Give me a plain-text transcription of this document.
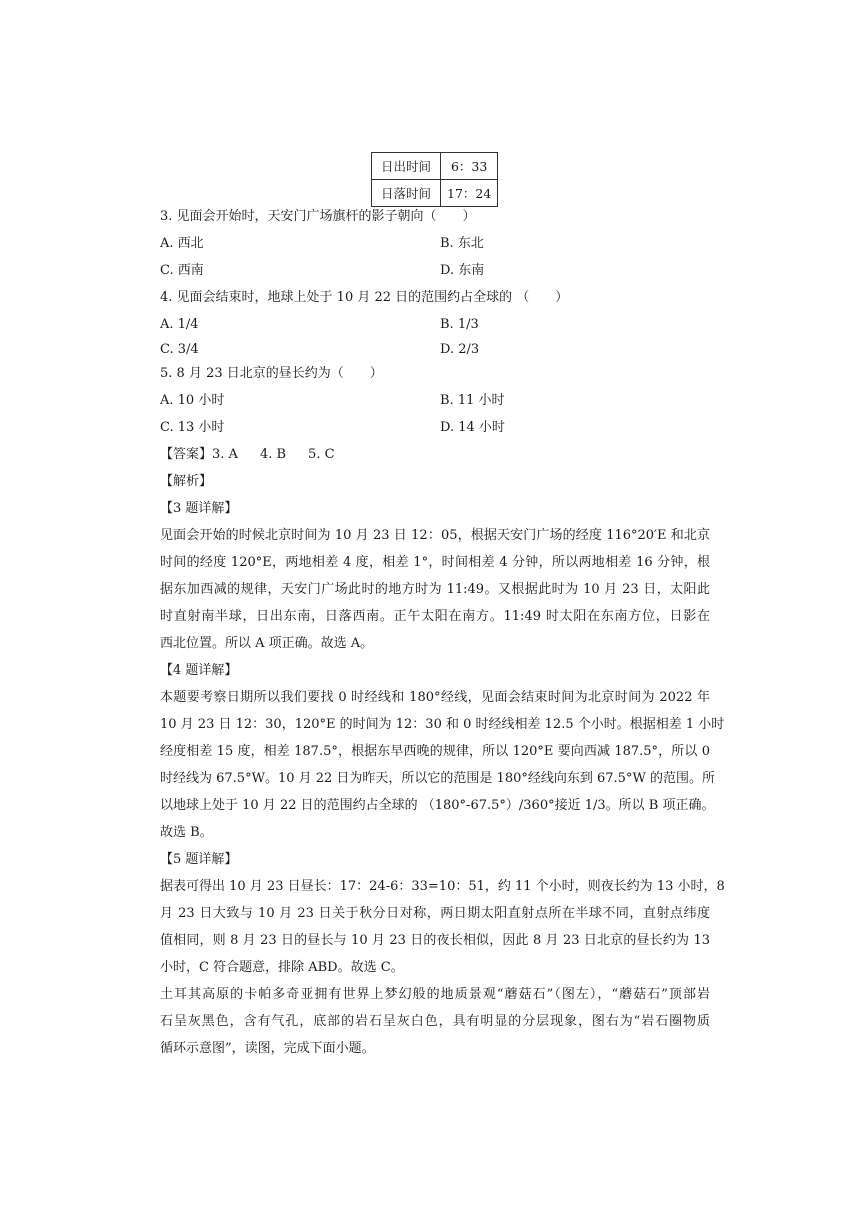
日出时间	6：33
日落时间	17：24
3. 见面会开始时，天安门广场旗杆的影子朝向（　　）
A. 西北	B. 东北
C. 西南	D. 东南
4. 见面会结束时，地球上处于 10 月 22 日的范围约占全球的 （　　）
A. 1/4	B. 1/3
C. 3/4	D. 2/3
5. 8 月 23 日北京的昼长约为（　　）
A. 10 小时	B. 11 小时
C. 13 小时	D. 14 小时
【答案】3. A 4. B 5. C
【解析】
【3 题详解】
见面会开始的时候北京时间为 10 月 23 日 12：05，根据天安门广场的经度 116°20′E 和北京
时间的经度 120°E，两地相差 4 度，相差 1°，时间相差 4 分钟，所以两地相差 16 分钟，根
据东加西减的规律，天安门广场此时的地方时为 11:49。又根据此时为 10 月 23 日，太阳此
时直射南半球，日出东南，日落西南。正午太阳在南方。11:49 时太阳在东南方位，日影在
西北位置。所以 A 项正确。故选 A。
【4 题详解】
本题要考察日期所以我们要找 0 时经线和 180°经线，见面会结束时间为北京时间为 2022 年
10 月 23 日 12：30，120°E 的时间为 12：30 和 0 时经线相差 12.5 个小时。根据相差 1 小时
经度相差 15 度，相差 187.5°，根据东早西晚的规律，所以 120°E 要向西减 187.5°，所以 0
时经线为 67.5°W。10 月 22 日为昨天，所以它的范围是 180°经线向东到 67.5°W 的范围。所
以地球上处于 10 月 22 日的范围约占全球的 （180°-67.5°）/360°接近 1/3。所以 B 项正确。
故选 B。
【5 题详解】
据表可得出 10 月 23 日昼长：17：24-6：33=10：51，约 11 个小时，则夜长约为 13 小时，8
月 23 日大致与 10 月 23 日关于秋分日对称，两日期太阳直射点所在半球不同，直射点纬度
值相同，则 8 月 23 日的昼长与 10 月 23 日的夜长相似，因此 8 月 23 日北京的昼长约为 13
小时，C 符合题意，排除 ABD。故选 C。
土耳其高原的卡帕多奇亚拥有世界上梦幻般的地质景观“蘑菇石”（图左），“蘑菇石”顶部岩
石呈灰黑色，含有气孔，底部的岩石呈灰白色，具有明显的分层现象，图右为“岩石圈物质
循环示意图”，读图，完成下面小题。
